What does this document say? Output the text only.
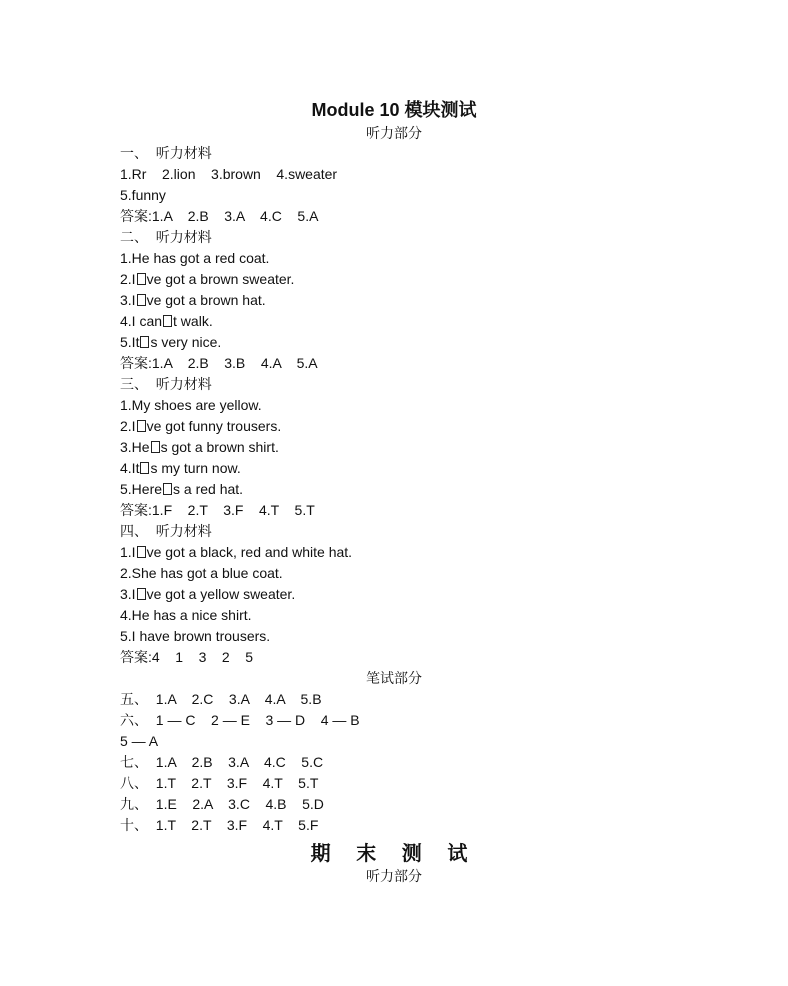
Module 10 模块测试
听力部分
一、  听力材料
1.Rr    2.lion    3.brown    4.sweater
5.funny
答案:1.A    2.B    3.A    4.C    5.A
二、  听力材料
1.He has got a red coat.
2.I ve got a brown sweater.
3.I ve got a brown hat.
4.I can t walk.
5.It s very nice.
答案:1.A    2.B    3.B    4.A    5.A
三、  听力材料
1.My shoes are yellow.
2.I ve got funny trousers.
3.He s got a brown shirt.
4.It s my turn now.
5.Here s a red hat.
答案:1.F    2.T    3.F    4.T    5.T
四、  听力材料
1.I ve got a black, red and white hat.
2.She has got a blue coat.
3.I ve got a yellow sweater.
4.He has a nice shirt.
5.I have brown trousers.
答案:4    1    3    2    5
笔试部分
五、  1.A    2.C    3.A    4.A    5.B
六、  1 — C    2 — E    3 — D    4 — B
5 — A
七、  1.A    2.B    3.A    4.C    5.C
八、  1.T    2.T    3.F    4.T    5.T
九、  1.E    2.A    3.C    4.B    5.D
十、  1.T    2.T    3.F    4.T    5.F
期 末 测 试
听力部分
